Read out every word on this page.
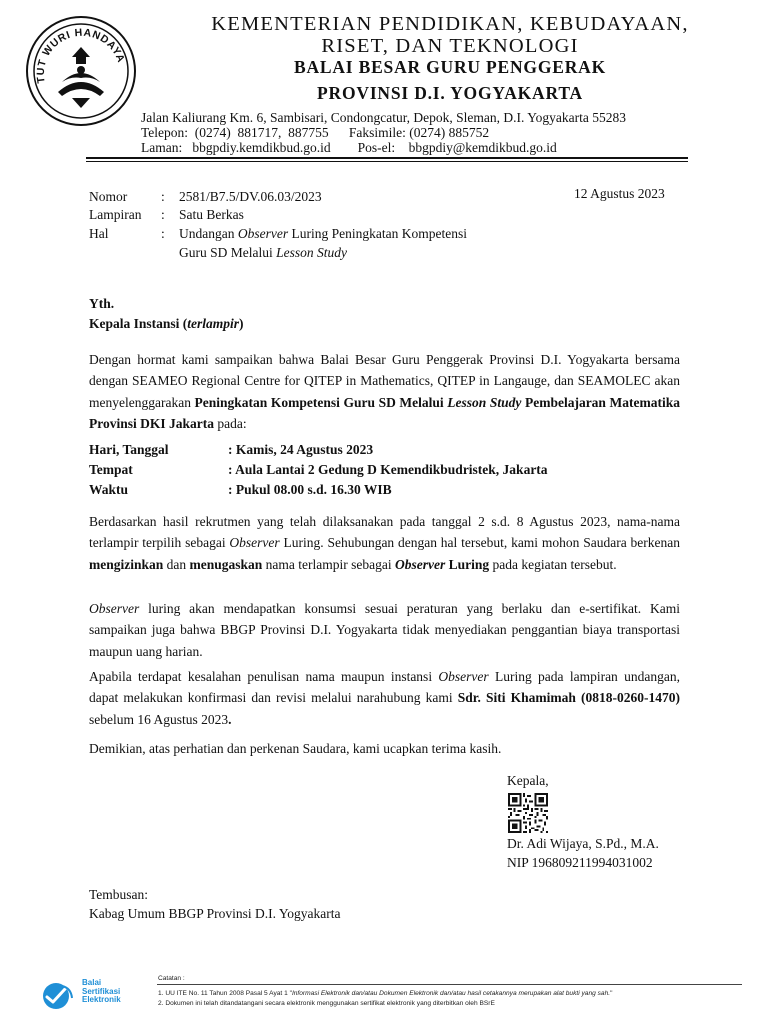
TUT WURI HANDAYANI	KEMENTERIAN PENDIDIKAN, KEBUDAYAAN,
RISET, DAN TEKNOLOGI
BALAI BESAR GURU PENGGERAK
PROVINSI D.I. YOGYAKARTA
Jalan Kaliurang Km. 6, Sambisari, Condongcatur, Depok, Sleman, D.I. Yogyakarta 55283
Telepon:  (0274)  881717,  887755      Faksimile: (0274) 885752
Laman:   bbgpdiy.kemdikbud.go.id        Pos-el:    bbgpdiy@kemdikbud.go.id
12 Agustus 2023
Nomor	: 2581/B7.5/DV.06.03/2023
Lampiran : Satu Berkas
Hal	: Undangan Observer Luring Peningkatan Kompetensi
Guru SD Melalui Lesson Study
Yth.
Kepala Instansi (terlampir)

Dengan hormat kami sampaikan bahwa Balai Besar Guru Penggerak Provinsi D.I. Yogyakarta bersama dengan SEAMEO Regional Centre for QITEP in Mathematics, QITEP in Langauge, dan SEAMOLEC akan menyelenggarakan Peningkatan Kompetensi Guru SD Melalui Lesson Study Pembelajaran Matematika Provinsi DKI Jakarta pada:

Hari, Tanggal	: Kamis, 24 Agustus 2023
Tempat	: Aula Lantai 2 Gedung D Kemendikbudristek, Jakarta
Waktu	: Pukul 08.00 s.d. 16.30 WIB

Berdasarkan hasil rekrutmen yang telah dilaksanakan pada tanggal 2 s.d. 8 Agustus 2023, nama-nama terlampir terpilih sebagai Observer Luring. Sehubungan dengan hal tersebut, kami mohon Saudara berkenan mengizinkan dan menugaskan nama terlampir sebagai Observer Luring pada kegiatan tersebut.

Observer luring akan mendapatkan konsumsi sesuai peraturan yang berlaku dan e-sertifikat. Kami sampaikan juga bahwa BBGP Provinsi D.I. Yogyakarta tidak menyediakan penggantian biaya transportasi maupun uang harian.

Apabila terdapat kesalahan penulisan nama maupun instansi Observer Luring pada lampiran undangan, dapat melakukan konfirmasi dan revisi melalui narahubung kami Sdr. Siti Khamimah (0818-0260-1470) sebelum 16 Agustus 2023.

Demikian, atas perhatian dan perkenan Saudara, kami ucapkan terima kasih.
Kepala,
Dr. Adi Wijaya, S.Pd., M.A.
NIP 196809211994031002
Tembusan:
Kabag Umum BBGP Provinsi D.I. Yogyakarta
Balai
Sertifikasi
Elektronik
Catatan :
1. UU ITE No. 11 Tahun 2008 Pasal 5 Ayat 1 "Informasi Elektronik dan/atau Dokumen Elektronik dan/atau hasil cetakannya merupakan alat bukti yang sah."
2. Dokumen ini telah ditandatangani secara elektronik menggunakan sertifikat elektronik yang diterbitkan oleh BSrE
